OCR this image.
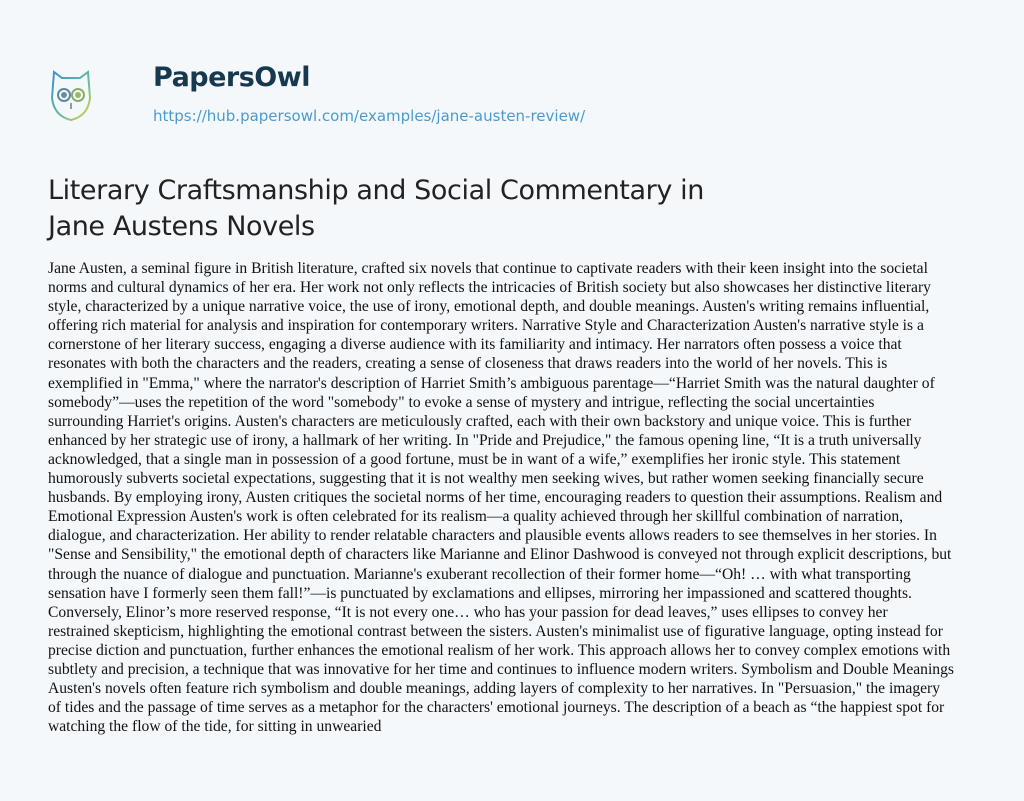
PapersOwl
https://hub.papersowl.com/examples/jane-austen-review/
Literary Craftsmanship and Social Commentary in
Jane Austens Novels
Jane Austen, a seminal figure in British literature, crafted six novels that continue to captivate readers with their keen insight into the societal
norms and cultural dynamics of her era. Her work not only reflects the intricacies of British society but also showcases her distinctive literary
style, characterized by a unique narrative voice, the use of irony, emotional depth, and double meanings. Austen's writing remains influential,
offering rich material for analysis and inspiration for contemporary writers. Narrative Style and Characterization Austen's narrative style is a
cornerstone of her literary success, engaging a diverse audience with its familiarity and intimacy. Her narrators often possess a voice that
resonates with both the characters and the readers, creating a sense of closeness that draws readers into the world of her novels. This is
exemplified in "Emma," where the narrator's description of Harriet Smith’s ambiguous parentage—“Harriet Smith was the natural daughter of
somebody”—uses the repetition of the word "somebody" to evoke a sense of mystery and intrigue, reflecting the social uncertainties
surrounding Harriet's origins. Austen's characters are meticulously crafted, each with their own backstory and unique voice. This is further
enhanced by her strategic use of irony, a hallmark of her writing. In "Pride and Prejudice," the famous opening line, “It is a truth universally
acknowledged, that a single man in possession of a good fortune, must be in want of a wife,” exemplifies her ironic style. This statement
humorously subverts societal expectations, suggesting that it is not wealthy men seeking wives, but rather women seeking financially secure
husbands. By employing irony, Austen critiques the societal norms of her time, encouraging readers to question their assumptions. Realism and
Emotional Expression Austen's work is often celebrated for its realism—a quality achieved through her skillful combination of narration,
dialogue, and characterization. Her ability to render relatable characters and plausible events allows readers to see themselves in her stories. In
"Sense and Sensibility," the emotional depth of characters like Marianne and Elinor Dashwood is conveyed not through explicit descriptions, but
through the nuance of dialogue and punctuation. Marianne's exuberant recollection of their former home—“Oh! … with what transporting
sensation have I formerly seen them fall!”—is punctuated by exclamations and ellipses, mirroring her impassioned and scattered thoughts.
Conversely, Elinor’s more reserved response, “It is not every one… who has your passion for dead leaves,” uses ellipses to convey her
restrained skepticism, highlighting the emotional contrast between the sisters. Austen's minimalist use of figurative language, opting instead for
precise diction and punctuation, further enhances the emotional realism of her work. This approach allows her to convey complex emotions with
subtlety and precision, a technique that was innovative for her time and continues to influence modern writers. Symbolism and Double Meanings
Austen's novels often feature rich symbolism and double meanings, adding layers of complexity to her narratives. In "Persuasion," the imagery
of tides and the passage of time serves as a metaphor for the characters' emotional journeys. The description of a beach as “the happiest spot for
watching the flow of the tide, for sitting in unwearied
